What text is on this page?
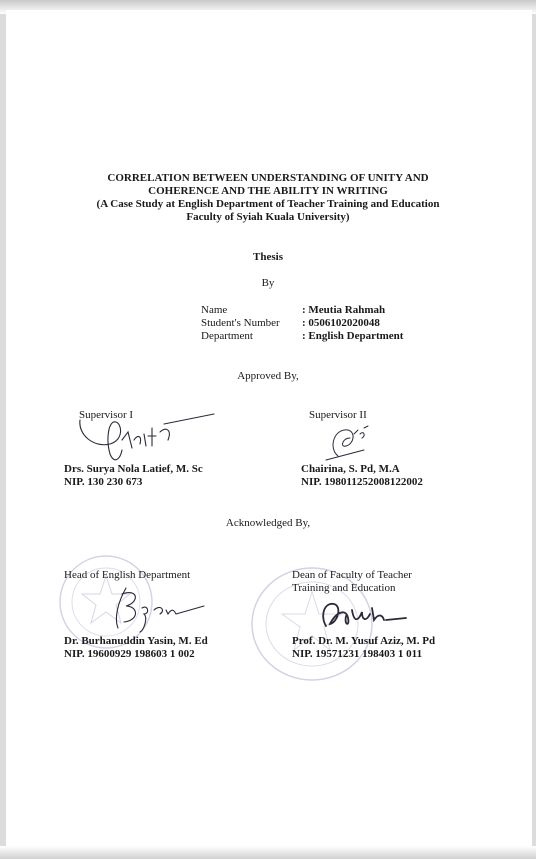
CORRELATION BETWEEN UNDERSTANDING OF UNITY AND
COHERENCE AND THE ABILITY IN WRITING
(A Case Study at English Department of Teacher Training and Education
Faculty of Syiah Kuala University)
Thesis
By
Name	: Meutia Rahmah
Student's Number : 0506102020048
Department	: English Department
Approved By,
Supervisor I
Drs. Surya Nola Latief, M. Sc
NIP. 130 230 673
Supervisor II
Chairina, S. Pd, M.A
NIP. 198011252008122002
Acknowledged By,
Head of English Department
Dr. Burhanuddin Yasin, M. Ed
NIP. 19600929 198603 1 002
Dean of Faculty of Teacher
Training and Education
Prof. Dr. M. Yusuf Aziz, M. Pd
NIP. 19571231 198403 1 011
